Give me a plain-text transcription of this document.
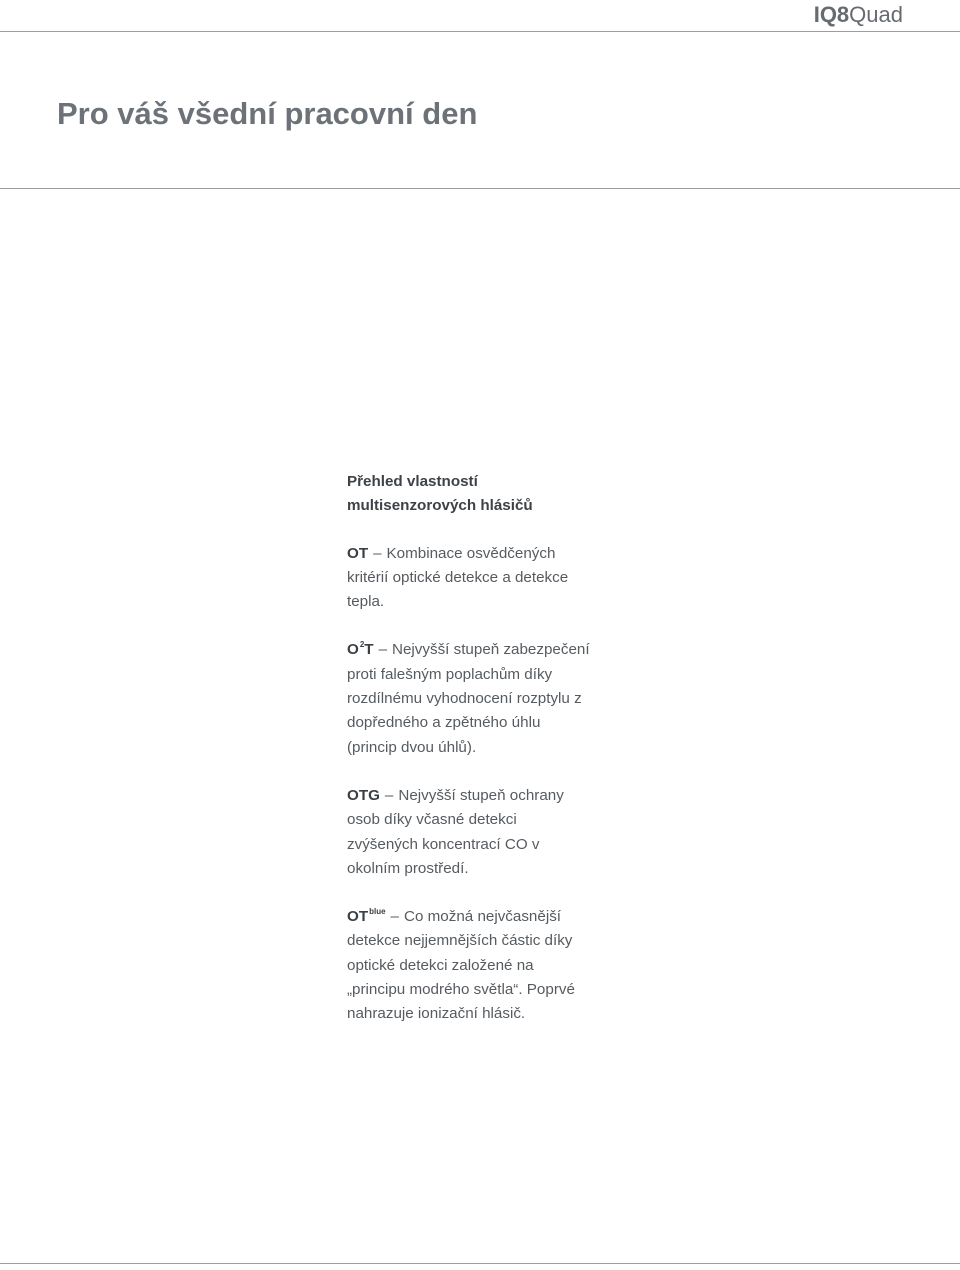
IQ8Quad
Pro váš všední pracovní den

Přehled vlastností
multisenzorových hlásičů

OT – Kombinace osvědčených
kritérií optické detekce a detekce
tepla.

$O^2T$ – Nejvyšší stupeň zabezpečení
proti falešným poplachům díky
rozdílnému vyhodnocení rozptylu z
dopředného a zpětného úhlu
(princip dvou úhlů).

OTG – Nejvyšší stupeň ochrany
osob díky včasné detekci
zvýšených koncentrací CO v
okolním prostředí.

$OT^{blue}$ – Co možná nejvčasnější
detekce nejjemnějších částic díky
optické detekci založené na
„principu modrého světla“. Poprvé
nahrazuje ionizační hlásič.
